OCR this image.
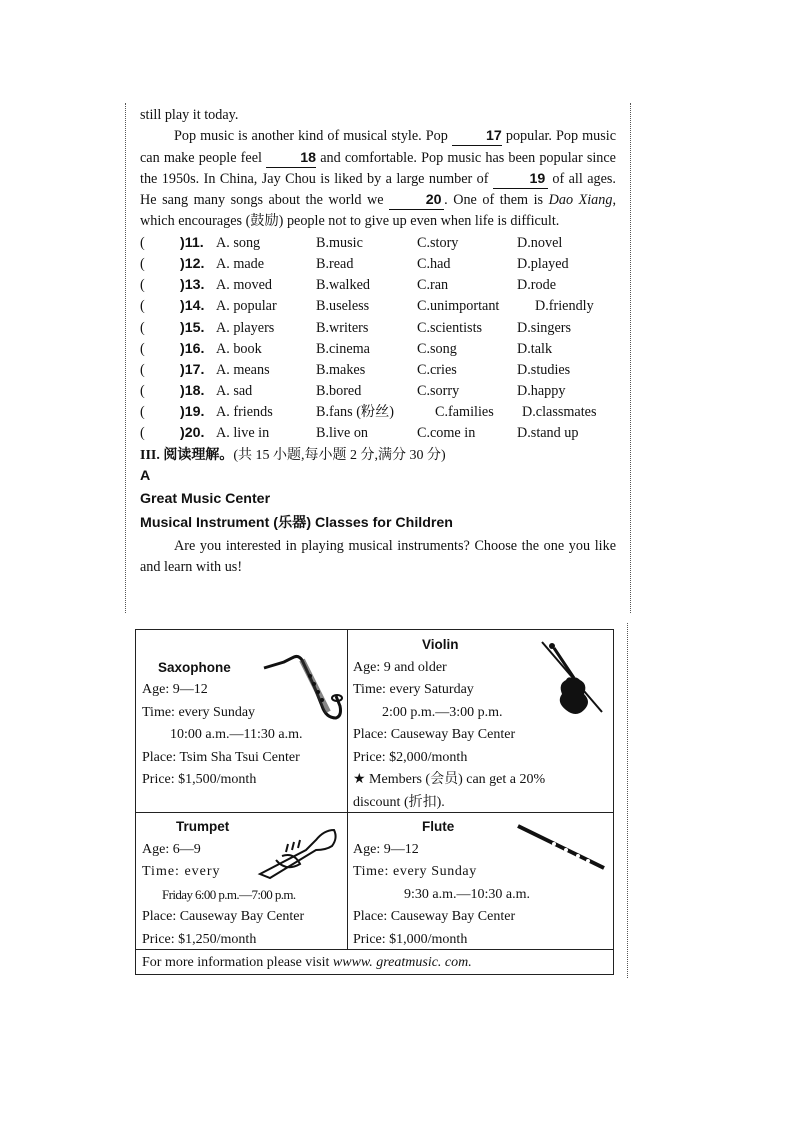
still play it today.

Pop music is another kind of musical style. Pop 17 popular. Pop music can make people feel 18 and comfortable. Pop music has been popular since the 1950s. In China, Jay Chou is liked by a large number of	19 of all ages. He sang many songs about the world we	20 . One of them is Dao Xiang, which encourages (鼓励) people not to give up even when life is difficult.

( )11. A. song	B.music	C.story	D.novel
( )12. A. made	B.read	C.had	D.played
( )13. A. moved	B.walked	C.ran	D.rode
( )14. A. popular	B.useless	C.unimportant	D.friendly
( )15. A. players	B.writers	C.scientists D.singers
( )16. A. book	B.cinema	C.song	D.talk
( )17. A. means	B.makes	C.cries	D.studies
( )18. A. sad	B.bored	C.sorry	D.happy
( )19. A. friends	B.fans (粉丝)	C.families D.classmates
( )20. A. live in	B.live on	C.come in	D.stand up

III. 阅读理解。(共 15 小题,每小题 2 分,满分 30 分)

A

Great Music Center

Musical Instrument (乐器) Classes for Children

Are you interested in playing musical instruments? Choose the one you like and learn with us!

Saxophone
Age: 9—12
Time: every Sunday
10:00 a.m.—11:30 a.m.
Place: Tsim Sha Tsui Center
Price: $1,500/month
Violin
Age: 9 and older
Time: every Saturday
2:00 p.m.—3:00 p.m.
Place: Causeway Bay Center
Price: $2,000/month
★ Members (会员) can get a 20%
discount (折扣).
Trumpet
Age: 6—9
Time: every
Friday 6:00 p.m.—7:00 p.m.
Place: Causeway Bay Center
Price: $1,250/month
Flute
Age: 9—12
Time: every Sunday
9:30 a.m.—10:30 a.m.
Place: Causeway Bay Center
Price: $1,000/month
For more information please visit wwww. greatmusic. com.
